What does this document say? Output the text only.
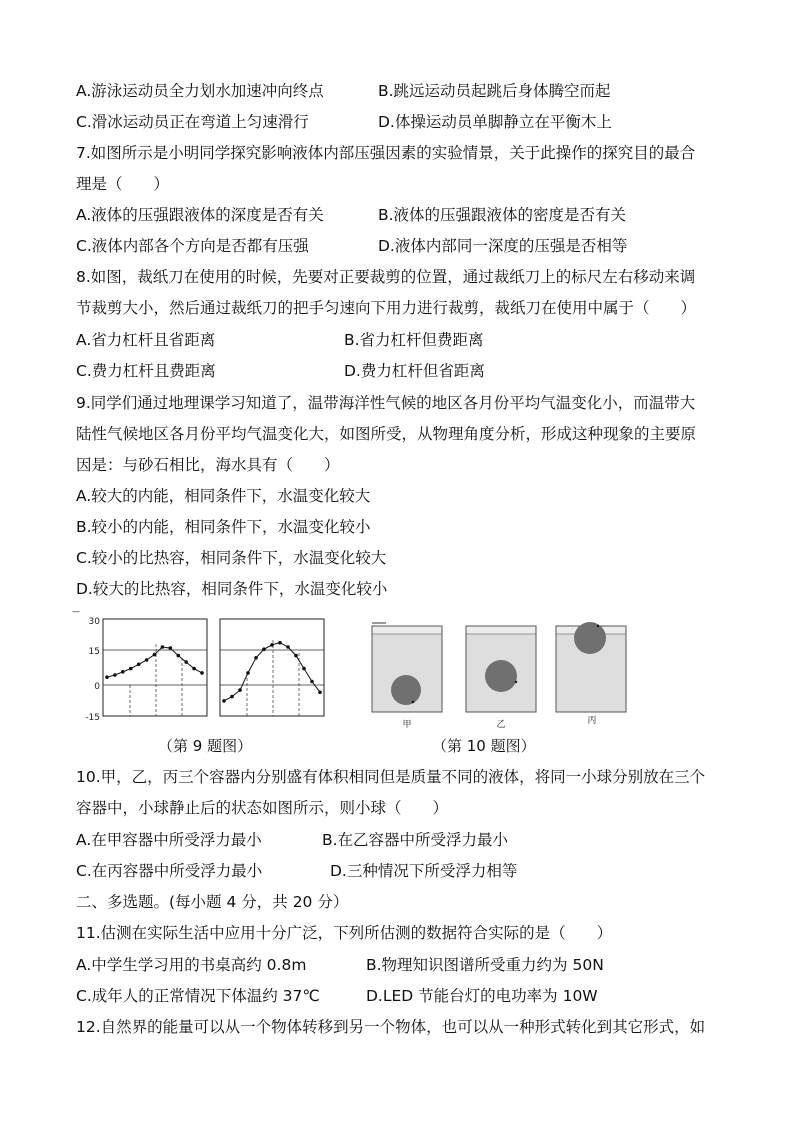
A.游泳运动员全力划水加速冲向终点	B.跳远运动员起跳后身体腾空而起
C.滑冰运动员正在弯道上匀速滑行	D.体操运动员单脚静立在平衡木上
7.如图所示是小明同学探究影响液体内部压强因素的实验情景，关于此操作的探究目的最合
理是（　　）
A.液体的压强跟液体的深度是否有关	B.液体的压强跟液体的密度是否有关
C.液体内部各个方向是否都有压强	D.液体内部同一深度的压强是否相等
8.如图，裁纸刀在使用的时候，先要对正要裁剪的位置，通过裁纸刀上的标尺左右移动来调
节裁剪大小，然后通过裁纸刀的把手匀速向下用力进行裁剪，裁纸刀在使用中属于（　　）
A.省力杠杆且省距离	B.省力杠杆但费距离
C.费力杠杆且费距离	D.费力杠杆但省距离
9.同学们通过地理课学习知道了，温带海洋性气候的地区各月份平均气温变化小，而温带大
陆性气候地区各月份平均气温变化大，如图所受，从物理角度分析，形成这种现象的主要原
因是：与砂石相比，海水具有（　　）
A.较大的内能，相同条件下，水温变化较大
B.较小的内能，相同条件下，水温变化较小
C.较小的比热容，相同条件下，水温变化较大
D.较大的比热容，相同条件下，水温变化较小
30
15
0
-15
—
甲	乙	丙
（第 9 题图）	（第 10 题图）
10.甲，乙，丙三个容器内分别盛有体积相同但是质量不同的液体，将同一小球分别放在三个
容器中，小球静止后的状态如图所示，则小球（　　）
A.在甲容器中所受浮力最小	B.在乙容器中所受浮力最小
C.在丙容器中所受浮力最小	D.三种情况下所受浮力相等
二、多选题。(每小题 4 分，共 20 分）
11.估测在实际生活中应用十分广泛，下列所估测的数据符合实际的是（　　）
A.中学生学习用的书桌高约 0.8m	B.物理知识图谱所受重力约为 50N
C.成年人的正常情况下体温约 37℃	D.LED 节能台灯的电功率为 10W
12.自然界的能量可以从一个物体转移到另一个物体，也可以从一种形式转化到其它形式，如
